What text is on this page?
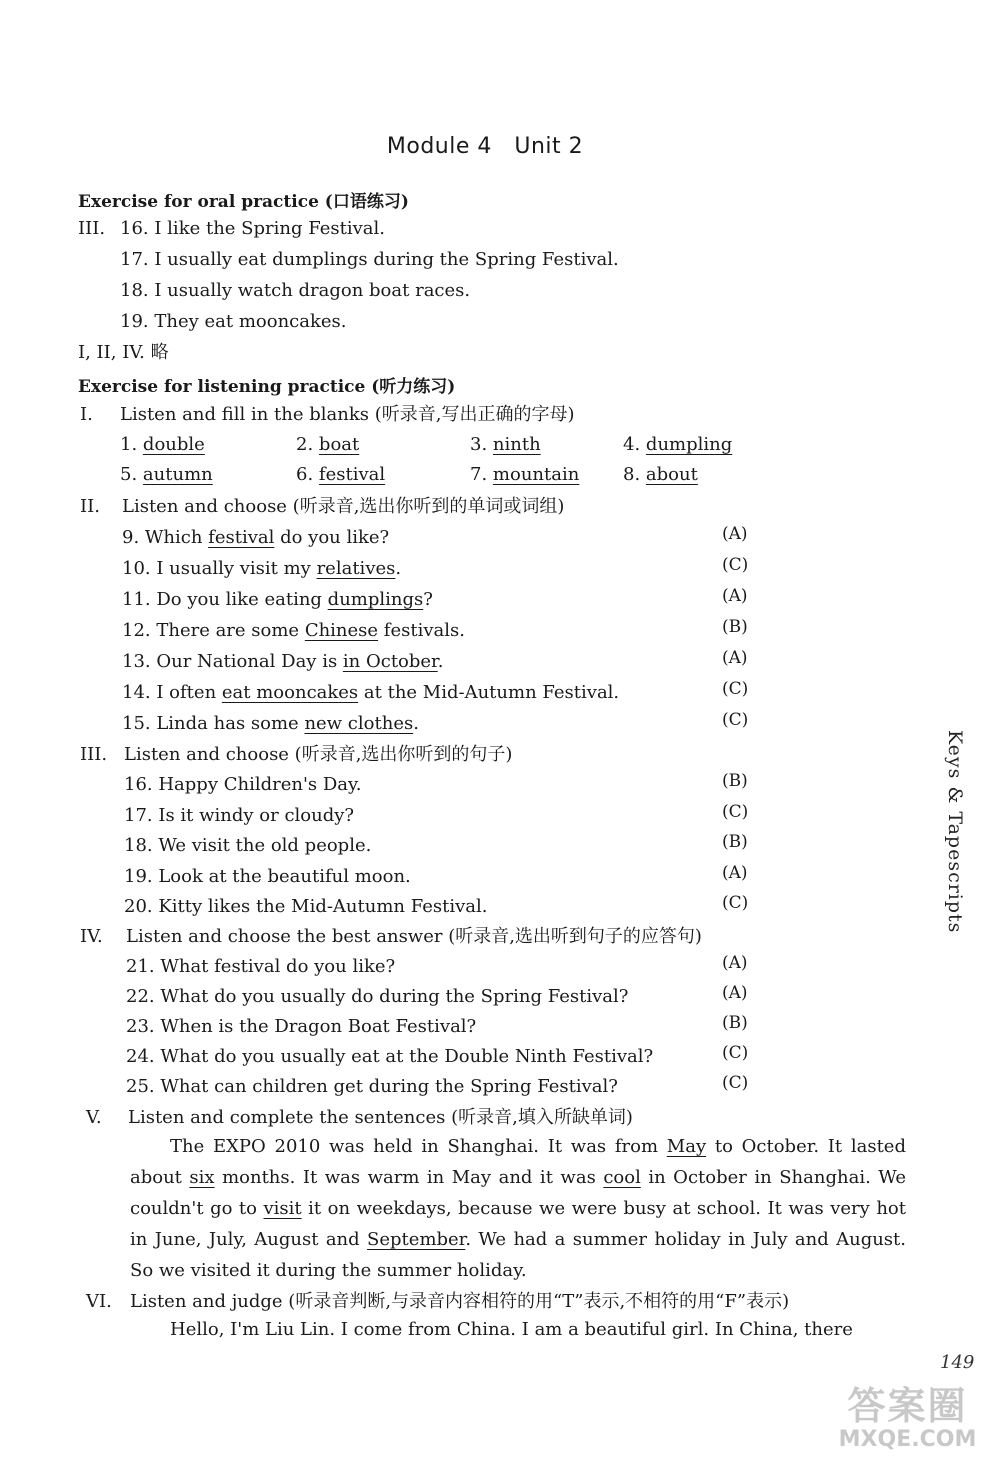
Module 4   Unit 2
Exercise for oral practice (口语练习)
III. 16. I like the Spring Festival.
17. I usually eat dumplings during the Spring Festival.
18. I usually watch dragon boat races.
19. They eat mooncakes.
I, II, IV. 略
Exercise for listening practice (听力练习)
I. Listen and fill in the blanks (听录音,写出正确的字母)
1. double	2. boat	3. ninth	4. dumpling
5. autumn	6. festival	7. mountain 8. about
II. Listen and choose (听录音,选出你听到的单词或词组)
9. Which festival do you like?	(A)
10. I usually visit my relatives.	(C)
11. Do you like eating dumplings?	(A)
12. There are some Chinese festivals.	(B)
13. Our National Day is in October.	(A)
14. I often eat mooncakes at the Mid-Autumn Festival.	(C)
15. Linda has some new clothes.	(C)
III. Listen and choose (听录音,选出你听到的句子)
16. Happy Children's Day.	(B)
17. Is it windy or cloudy?	(C)
18. We visit the old people.	(B)
19. Look at the beautiful moon.	(A)
20. Kitty likes the Mid-Autumn Festival.	(C)
IV. Listen and choose the best answer (听录音,选出听到句子的应答句)
21. What festival do you like?	(A)
22. What do you usually do during the Spring Festival?	(A)
23. When is the Dragon Boat Festival?	(B)
24. What do you usually eat at the Double Ninth Festival?	(C)
25. What can children get during the Spring Festival?	(C)
V. Listen and complete the sentences (听录音,填入所缺单词)
The EXPO 2010 was held in Shanghai. It was from May to October. It lasted about six months. It was warm in May and it was cool in October in Shanghai. We couldn't go to visit it on weekdays, because we were busy at school. It was very hot in June, July, August and September. We had a summer holiday in July and August. So we visited it during the summer holiday.
VI. Listen and judge (听录音判断,与录音内容相符的用“T”表示,不相符的用“F”表示)
Hello, I'm Liu Lin. I come from China. I am a beautiful girl. In China, there
Keys & Tapescripts
149
答案圈
MXQE.COM
